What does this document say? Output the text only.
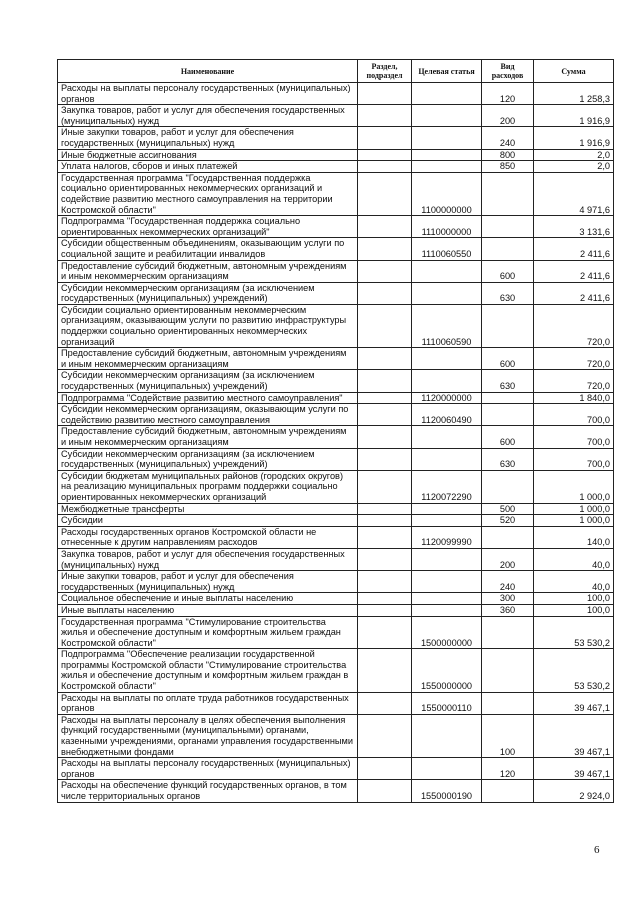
Наименование	Раздел, подраздел	Целевая статья	Вид расходов	Сумма
Расходы на выплаты персоналу государственных (муниципальных) органов			120	1 258,3
Закупка товаров, работ и услуг для обеспечения государственных (муниципальных) нужд			200	1 916,9
Иные закупки товаров, работ и услуг для обеспечения государственных (муниципальных) нужд			240	1 916,9
Иные бюджетные ассигнования			800	2,0
Уплата налогов, сборов и иных платежей			850	2,0
Государственная программа "Государственная поддержка социально ориентированных некоммерческих организаций и содействие развитию местного самоуправления на территории Костромской области"		1100000000		4 971,6
Подпрограмма "Государственная поддержка социально ориентированных некоммерческих организаций"		1110000000		3 131,6
Субсидии общественным объединениям, оказывающим услуги по социальной защите и реабилитации инвалидов		1110060550		2 411,6
Предоставление субсидий бюджетным, автономным учреждениям и иным некоммерческим организациям			600	2 411,6
Субсидии некоммерческим организациям (за исключением государственных (муниципальных) учреждений)			630	2 411,6
Субсидии социально ориентированным некоммерческим организациям, оказывающим услуги по развитию инфраструктуры поддержки социально ориентированных некоммерческих организаций		1110060590		720,0
Предоставление субсидий бюджетным, автономным учреждениям и иным некоммерческим организациям			600	720,0
Субсидии некоммерческим организациям (за исключением государственных (муниципальных) учреждений)			630	720,0
Подпрограмма "Содействие развитию местного самоуправления"		1120000000		1 840,0
Субсидии некоммерческим организациям, оказывающим услуги по содействию развитию местного самоуправления		1120060490		700,0
Предоставление субсидий бюджетным, автономным учреждениям и иным некоммерческим организациям			600	700,0
Субсидии некоммерческим организациям (за исключением государственных (муниципальных) учреждений)			630	700,0
Субсидии бюджетам муниципальных районов (городских округов) на реализацию муниципальных программ поддержки социально ориентированных некоммерческих организаций		1120072290		1 000,0
Межбюджетные трансферты			500	1 000,0
Субсидии			520	1 000,0
Расходы государственных органов Костромской области не отнесенные к другим направлениям расходов		1120099990		140,0
Закупка товаров, работ и услуг для обеспечения государственных (муниципальных) нужд			200	40,0
Иные закупки товаров, работ и услуг для обеспечения государственных (муниципальных) нужд			240	40,0
Социальное обеспечение и иные выплаты населению			300	100,0
Иные выплаты населению			360	100,0
Государственная программа "Стимулирование строительства жилья и обеспечение доступным и комфортным жильем граждан Костромской области"		1500000000		53 530,2
Подпрограмма "Обеспечение реализации государственной программы Костромской области "Стимулирование строительства жилья и обеспечение доступным и комфортным жильем граждан в Костромской области"		1550000000		53 530,2
Расходы на выплаты по оплате труда работников государственных органов		1550000110		39 467,1
Расходы на выплаты персоналу в целях обеспечения выполнения функций государственными (муниципальными) органами, казенными учреждениями, органами управления государственными внебюджетными фондами			100	39 467,1
Расходы на выплаты персоналу государственных (муниципальных) органов			120	39 467,1
Расходы на обеспечение функций государственных органов, в том числе территориальных органов		1550000190		2 924,0
6
